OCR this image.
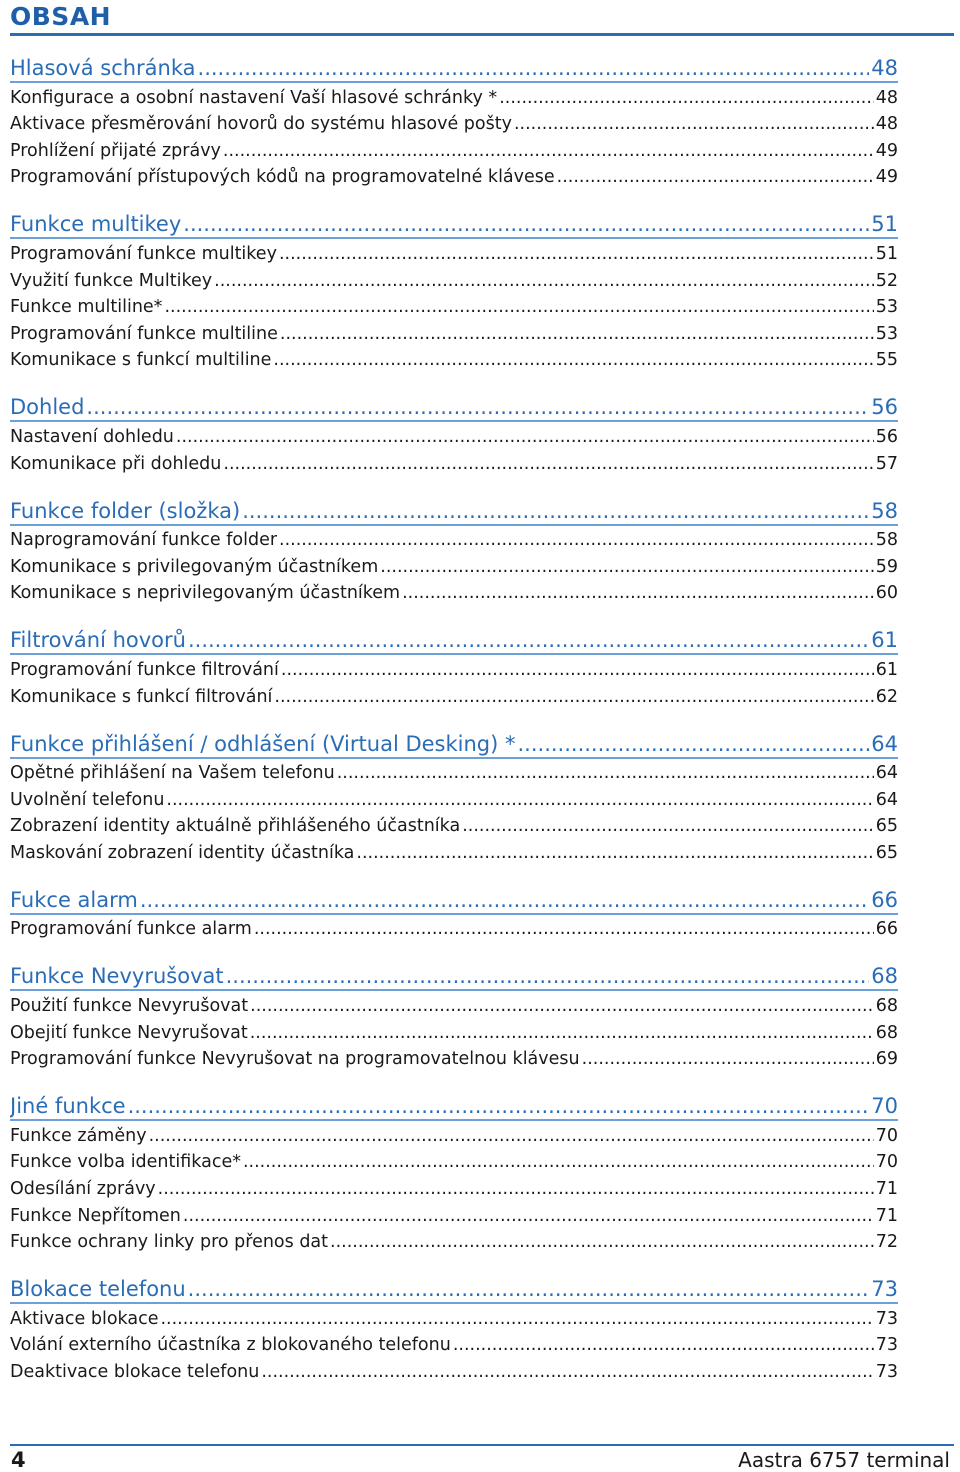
OBSAH
Hlasová schránka .....	48
Konfigurace a osobní nastavení Vaší hlasové schránky * .....	48
Aktivace přesměrování hovorů do systému hlasové pošty .....	48
Prohlížení přijaté zprávy .....	49
Programování přístupových kódů na programovatelné klávese .....	49
Funkce multikey .....	51
Programování funkce multikey .....	51
Využití funkce Multikey .....	52
Funkce multiline* .....	53
Programování funkce multiline .....	53
Komunikace s funkcí multiline .....	55
Dohled .....	56
Nastavení dohledu .....	56
Komunikace při dohledu .....	57
Funkce folder (složka) .....	58
Naprogramování funkce folder .....	58
Komunikace s privilegovaným účastníkem .....	59
Komunikace s neprivilegovaným účastníkem .....	60
Filtrování hovorů .....	61
Programování funkce filtrování .....	61
Komunikace s funkcí filtrování .....	62
Funkce přihlášení / odhlášení (Virtual Desking) * .....	64
Opětné přihlášení na Vašem telefonu .....	64
Uvolnění telefonu .....	64
Zobrazení identity aktuálně přihlášeného účastníka .....	65
Maskování zobrazení identity účastníka .....	65
Fukce alarm .....	66
Programování funkce alarm .....	66
Funkce Nevyrušovat .....	68
Použití funkce Nevyrušovat .....	68
Obejití funkce Nevyrušovat .....	68
Programování funkce Nevyrušovat na programovatelnou klávesu .....	69
Jiné funkce .....	70
Funkce záměny .....	70
Funkce volba identifikace* .....	70
Odesílání zprávy .....	71
Funkce Nepřítomen .....	71
Funkce ochrany linky pro přenos dat .....	72
Blokace telefonu .....	73
Aktivace blokace .....	73
Volání externího účastníka z blokovaného telefonu .....	73
Deaktivace blokace telefonu .....	73
4	Aastra 6757 terminal
